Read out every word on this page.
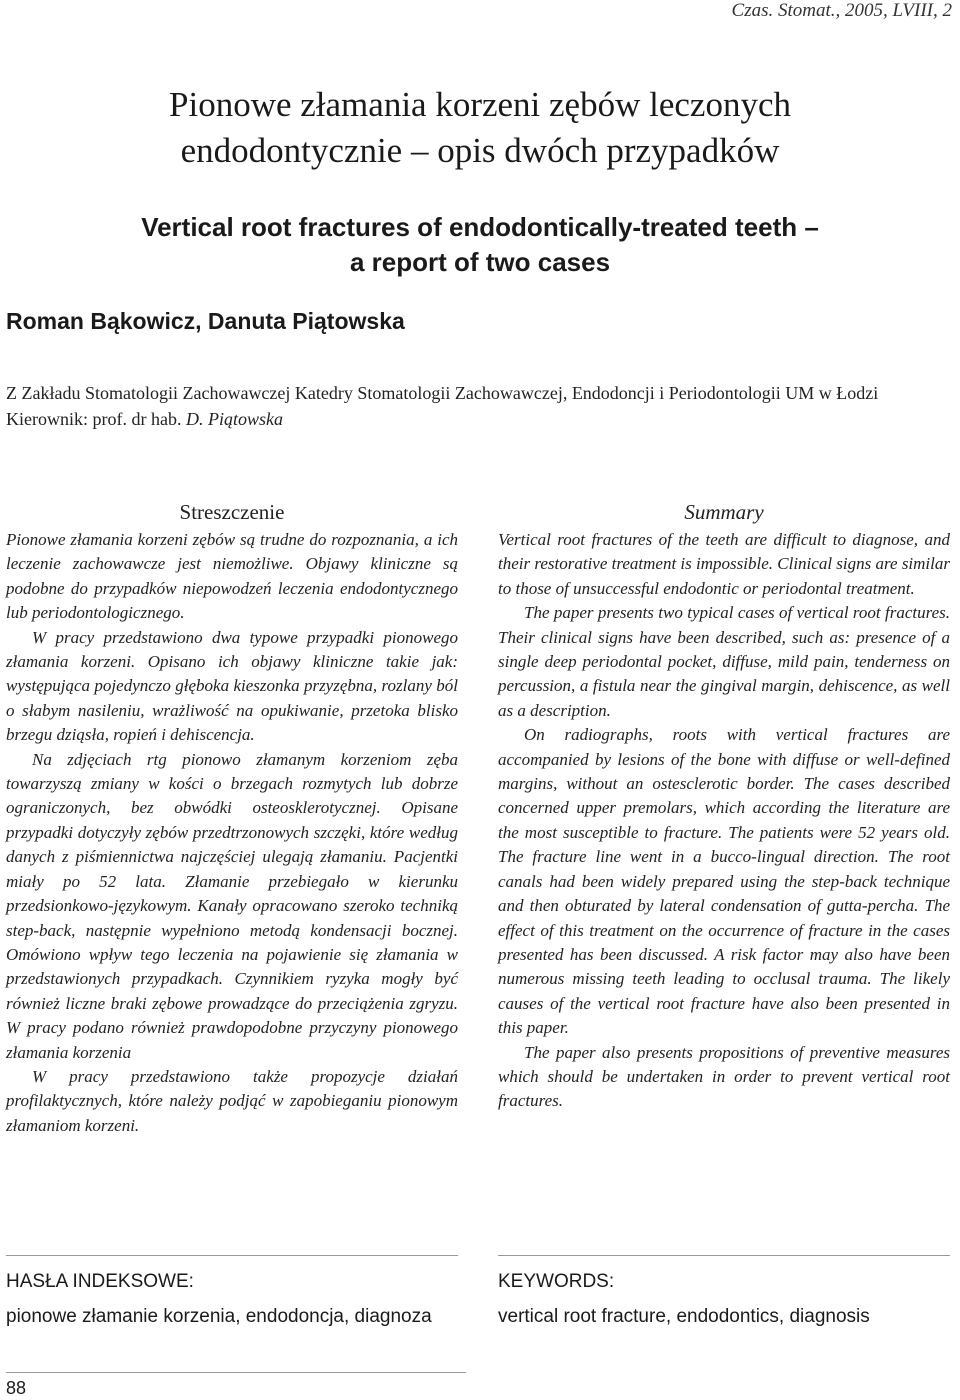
Czas. Stomat., 2005, LVIII, 2
Pionowe złamania korzeni zębów leczonych
endodontycznie – opis dwóch przypadków
Vertical root fractures of endodontically-treated teeth –
a report of two cases
Roman Bąkowicz, Danuta Piątowska
Z Zakładu Stomatologii Zachowawczej Katedry Stomatologii Zachowawczej, Endodoncji i Periodontologii UM w Łodzi
Kierownik: prof. dr hab. D. Piątowska
Streszczenie

Pionowe złamania korzeni zębów są trudne do rozpoznania, a ich leczenie zachowawcze jest niemożliwe. Objawy kliniczne są podobne do przypadków niepowodzeń leczenia endodontycznego lub periodontologicznego.

W pracy przedstawiono dwa typowe przypadki pionowego złamania korzeni. Opisano ich objawy kliniczne takie jak: występująca pojedynczo głęboka kieszonka przyzębna, rozlany ból o słabym nasileniu, wrażliwość na opukiwanie, przetoka blisko brzegu dziąsła, ropień i dehiscencja.

Na zdjęciach rtg pionowo złamanym korzeniom zęba towarzyszą zmiany w kości o brzegach rozmytych lub dobrze ograniczonych, bez obwódki osteosklerotycznej. Opisane przypadki dotyczyły zębów przedtrzonowych szczęki, które według danych z piśmiennictwa najczęściej ulegają złamaniu. Pacjentki miały po 52 lata. Złamanie przebiegało w kierunku przedsionkowo-językowym. Kanały opracowano szeroko techniką step-back, następnie wypełniono metodą kondensacji bocznej. Omówiono wpływ tego leczenia na pojawienie się złamania w przedstawionych przypadkach. Czynnikiem ryzyka mogły być również liczne braki zębowe prowadzące do przeciążenia zgryzu. W pracy podano również prawdopodobne przyczyny pionowego złamania korzenia

W pracy przedstawiono także propozycje działań profilaktycznych, które należy podjąć w zapobieganiu pionowym złamaniom korzeni.

Summary

Vertical root fractures of the teeth are difficult to diagnose, and their restorative treatment is impossible. Clinical signs are similar to those of unsuccessful endodontic or periodontal treatment.

The paper presents two typical cases of vertical root fractures. Their clinical signs have been described, such as: presence of a single deep periodontal pocket, diffuse, mild pain, tenderness on percussion, a fistula near the gingival margin, dehiscence, as well as a description.

On radiographs, roots with vertical fractures are accompanied by lesions of the bone with diffuse or well-defined margins, without an ostesclerotic border. The cases described concerned upper premolars, which according the literature are the most susceptible to fracture. The patients were 52 years old. The fracture line went in a bucco-lingual direction. The root canals had been widely prepared using the step-back technique and then obturated by lateral condensation of gutta-percha. The effect of this treatment on the occurrence of fracture in the cases presented has been discussed. A risk factor may also have been numerous missing teeth leading to occlusal trauma. The likely causes of the vertical root fracture have also been presented in this paper.

The paper also presents propositions of preventive measures which should be undertaken in order to prevent vertical root fractures.

HASŁA INDEKSOWE:
pionowe złamanie korzenia, endodoncja, diagnoza
KEYWORDS:
vertical root fracture, endodontics, diagnosis
88
